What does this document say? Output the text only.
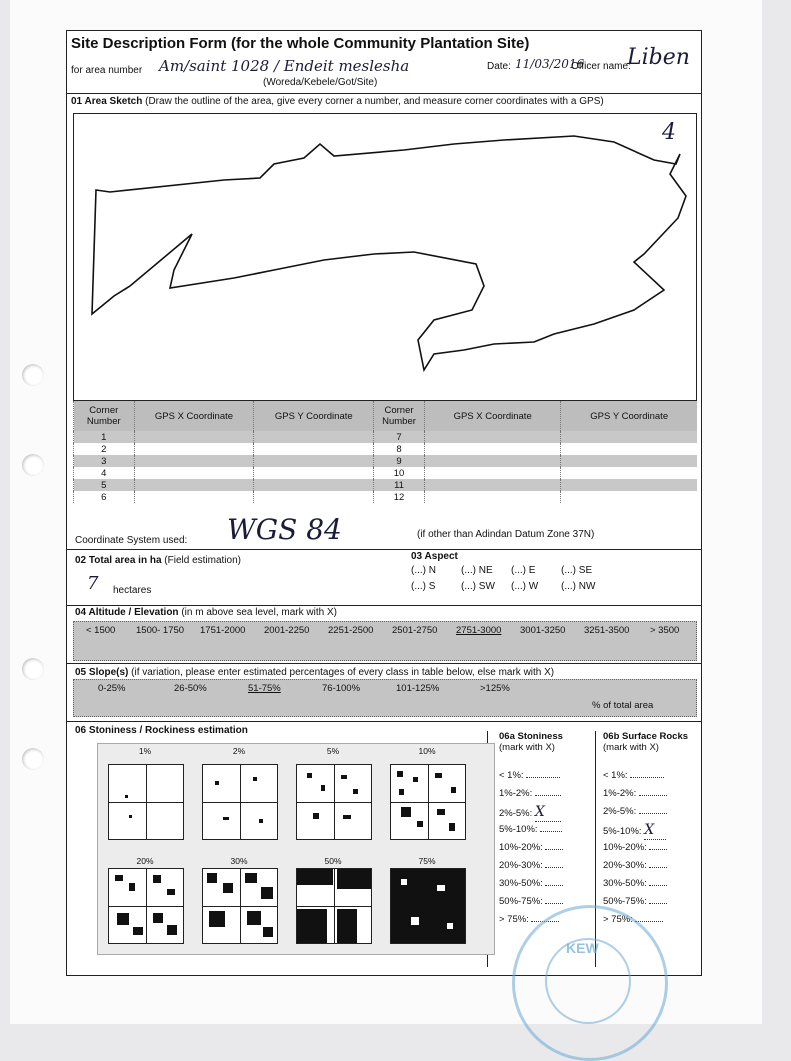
Site Description Form (for the whole Community Plantation Site)
for area number Am/saint 1028 / Endeit meslesha	Date: 11/03/2016
Officer name:
Liben
(Woreda/Kebele/Got/Site)
01 Area Sketch (Draw the outline of the area, give every corner a number, and measure corner coordinates with a GPS)
4
Corner Number	GPS X Coordinate	GPS Y Coordinate	Corner Number	GPS X Coordinate	GPS Y Coordinate
1			7		
2			8		
3			9		
4			10		
5			11		
6			12		
Coordinate System used: WGS 84	(if other than Adindan Datum Zone 37N)
02 Total area in ha (Field estimation)
7 hectares
03 Aspect
(...) N	(...) NE (...) E	(...) SE
(...) S	(...) SW (...) W (...) NW
04 Altitude / Elevation (in m above sea level, mark with X)
< 1500 1500- 1750 1751-2000 2001-2250 2251-2500 2501-2750 2751-3000 3001-3250 3251-3500 > 3500
05 Slope(s) (if variation, please enter estimated percentages of every class in table below, else mark with X)
0-25%	26-50%	51-75%	76-100%	101-125%	>125%
% of total area
06 Stoniness / Rockiness estimation
1%	2%	5%	10%
20%	30%	50%	75%
06a Stoniness
(mark with X)
< 1%:
1%-2%:
2%-5%: X
5%-10%:
10%-20%:
20%-30%:
30%-50%:
50%-75%:
> 75%:
06b Surface Rocks
(mark with X)
< 1%:
1%-2%:
2%-5%:
5%-10%: X
10%-20%:
20%-30%:
30%-50%:
50%-75%:
> 75%:
KEW
